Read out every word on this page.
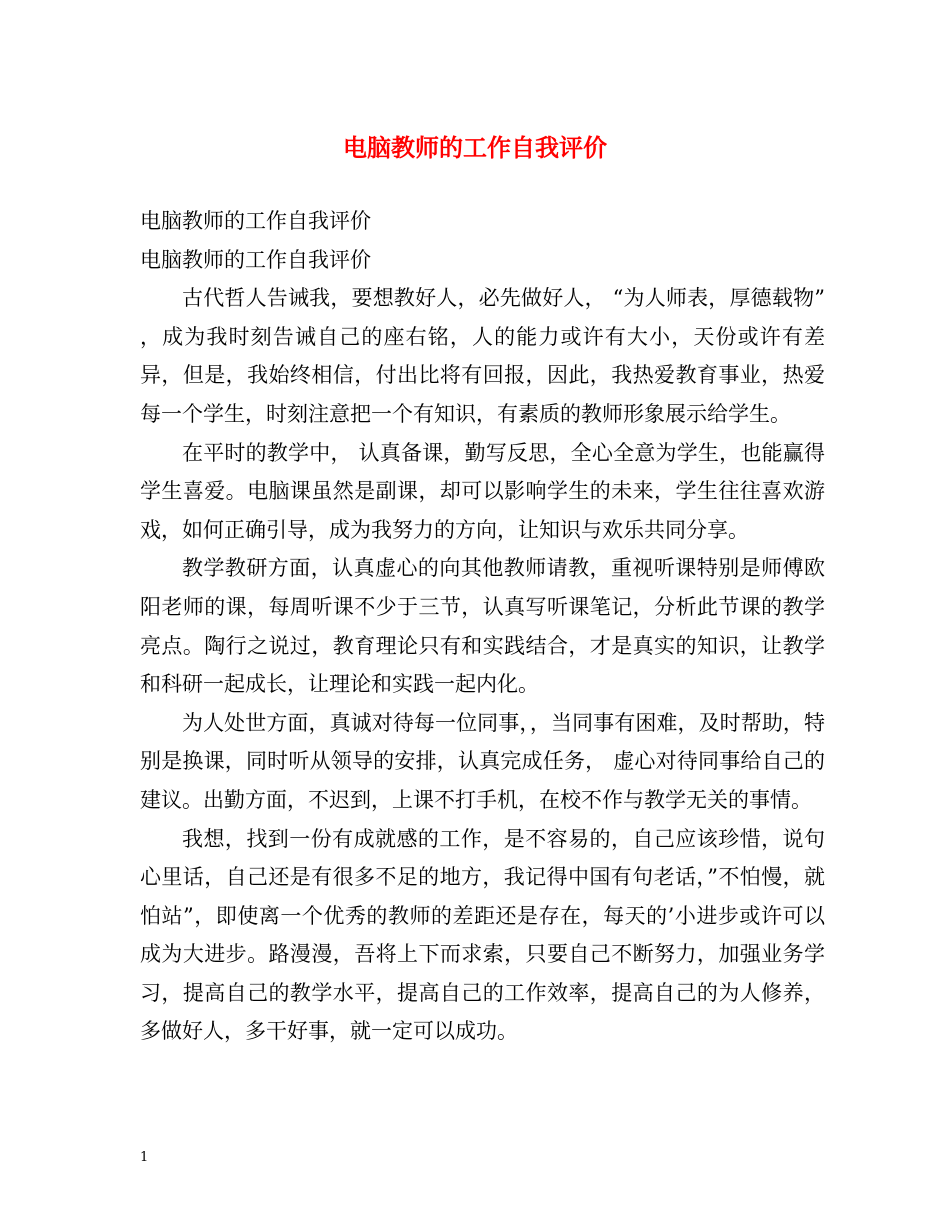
电脑教师的工作自我评价

电脑教师的工作自我评价

电脑教师的工作自我评价

古代哲人告诫我，要想教好人，必先做好人， “为人师表，厚德载物” ，成为我时刻告诫自己的座右铭，人的能力或许有大小，天份或许有差异，但是，我始终相信，付出比将有回报，因此，我热爱教育事业，热爱每一个学生，时刻注意把一个有知识，有素质的教师形象展示给学生。

在平时的教学中， 认真备课，勤写反思，全心全意为学生，也能赢得学生喜爱。电脑课虽然是副课，却可以影响学生的未来，学生往往喜欢游戏，如何正确引导，成为我努力的方向，让知识与欢乐共同分享。

教学教研方面，认真虚心的向其他教师请教，重视听课特别是师傅欧阳老师的课，每周听课不少于三节，认真写听课笔记，分析此节课的教学亮点。陶行之说过，教育理论只有和实践结合，才是真实的知识，让教学和科研一起成长，让理论和实践一起内化。

为人处世方面，真诚对待每一位同事，，当同事有困难，及时帮助，特别是换课，同时听从领导的安排，认真完成任务， 虚心对待同事给自己的建议。出勤方面，不迟到，上课不打手机，在校不作与教学无关的事情。

我想，找到一份有成就感的工作，是不容易的，自己应该珍惜，说句心里话，自己还是有很多不足的地方，我记得中国有句老话，”不怕慢，就怕站”，即使离一个优秀的教师的差距还是存在，每天的’小进步或许可以成为大进步。路漫漫，吾将上下而求索，只要自己不断努力，加强业务学习，提高自己的教学水平，提高自己的工作效率，提高自己的为人修养，多做好人，多干好事，就一定可以成功。

1
